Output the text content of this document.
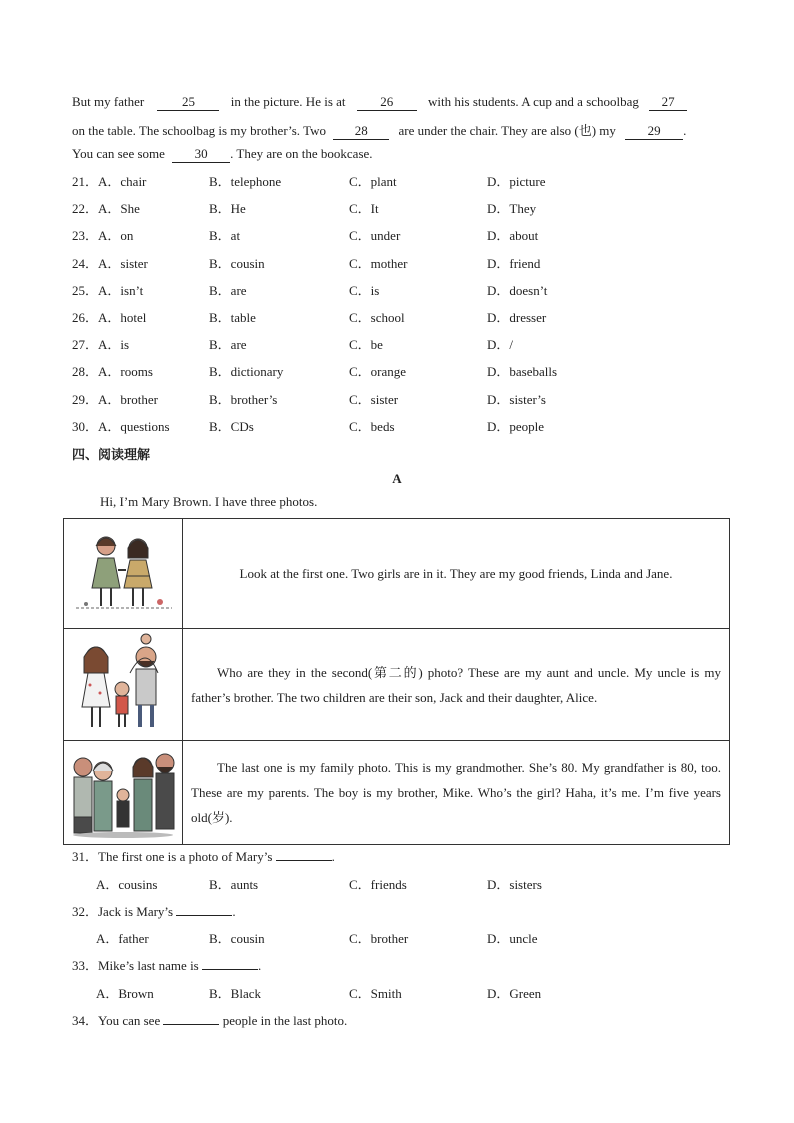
But my father	25	in the picture. He is at	26	with his students. A cup and a schoolbag 27
on the table. The schoolbag is my brother’s. Two 28 are under the chair. They are also (也) my 29 .
You can see some 30 . They are on the bookcase.
21．A．chair	B．telephone	C．plant	D．picture
22．A．She	B．He	C．It	D．They
23．A．on	B．at	C．under	D．about
24．A．sister	B．cousin	C．mother	D．friend
25．A．isn’t	B．are	C．is	D．doesn’t
26．A．hotel	B．table	C．school	D．dresser
27．A．is	B．are	C．be	D．/
28．A．rooms	B．dictionary	C．orange	D．baseballs
29．A．brother	B．brother’s	C．sister	D．sister’s
30．A．questions	B．CDs	C．beds	D．people
四、阅读理解
A
Hi, I’m Mary Brown. I have three photos.
	Look at the first one. Two girls are in it. They are my good friends, Linda and Jane.
	Who are they in the second(第二的) photo? These are my aunt and uncle. My uncle is my father’s brother. The two children are their son, Jack and their daughter, Alice.
	The last one is my family photo. This is my grandmother. She’s 80. My grandfather is 80, too. These are my parents. The boy is my brother, Mike. Who’s the girl? Haha, it’s me. I’m five years old(岁).
31．The first one is a photo of Mary’s	.
A．cousins	B．aunts	C．friends	D．sisters
32．Jack is Mary’s	.
A．father	B．cousin	C．brother	D．uncle
33．Mike’s last name is	.
A．Brown	B．Black	C．Smith	D．Green
34．You can see	people in the last photo.
